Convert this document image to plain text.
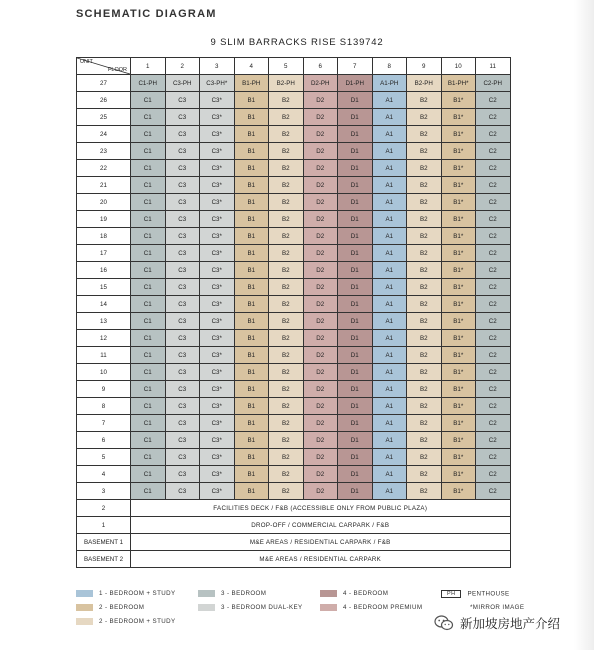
SCHEMATIC DIAGRAM
9 SLIM BARRACKS RISE S139742
UNIT
FLOOR	1	2	3	4	5	6	7	8	9	10	11
27	C1-PH	C3-PH	C3-PH*	B1-PH	B2-PH	D2-PH	D1-PH	A1-PH	B2-PH	B1-PH*	C2-PH
26	C1	C3	C3*	B1	B2	D2	D1	A1	B2	B1*	C2
25	C1	C3	C3*	B1	B2	D2	D1	A1	B2	B1*	C2
24	C1	C3	C3*	B1	B2	D2	D1	A1	B2	B1*	C2
23	C1	C3	C3*	B1	B2	D2	D1	A1	B2	B1*	C2
22	C1	C3	C3*	B1	B2	D2	D1	A1	B2	B1*	C2
21	C1	C3	C3*	B1	B2	D2	D1	A1	B2	B1*	C2
20	C1	C3	C3*	B1	B2	D2	D1	A1	B2	B1*	C2
19	C1	C3	C3*	B1	B2	D2	D1	A1	B2	B1*	C2
18	C1	C3	C3*	B1	B2	D2	D1	A1	B2	B1*	C2
17	C1	C3	C3*	B1	B2	D2	D1	A1	B2	B1*	C2
16	C1	C3	C3*	B1	B2	D2	D1	A1	B2	B1*	C2
15	C1	C3	C3*	B1	B2	D2	D1	A1	B2	B1*	C2
14	C1	C3	C3*	B1	B2	D2	D1	A1	B2	B1*	C2
13	C1	C3	C3*	B1	B2	D2	D1	A1	B2	B1*	C2
12	C1	C3	C3*	B1	B2	D2	D1	A1	B2	B1*	C2
11	C1	C3	C3*	B1	B2	D2	D1	A1	B2	B1*	C2
10	C1	C3	C3*	B1	B2	D2	D1	A1	B2	B1*	C2
9	C1	C3	C3*	B1	B2	D2	D1	A1	B2	B1*	C2
8	C1	C3	C3*	B1	B2	D2	D1	A1	B2	B1*	C2
7	C1	C3	C3*	B1	B2	D2	D1	A1	B2	B1*	C2
6	C1	C3	C3*	B1	B2	D2	D1	A1	B2	B1*	C2
5	C1	C3	C3*	B1	B2	D2	D1	A1	B2	B1*	C2
4	C1	C3	C3*	B1	B2	D2	D1	A1	B2	B1*	C2
3	C1	C3	C3*	B1	B2	D2	D1	A1	B2	B1*	C2
2	FACILITIES DECK / F&B (ACCESSIBLE ONLY FROM PUBLIC PLAZA)										
1	DROP-OFF / COMMERCIAL CARPARK / F&B										
BASEMENT 1	M&E AREAS / RESIDENTIAL CARPARK / F&B										
BASEMENT 2	M&E AREAS / RESIDENTIAL CARPARK										
1 - BEDROOM + STUDY
2 - BEDROOM
2 - BEDROOM + STUDY
3 - BEDROOM
3 - BEDROOM DUAL-KEY
4 - BEDROOM
4 - BEDROOM PREMIUM
PH PENTHOUSE
*MIRROR IMAGE
新加坡房地产介绍
